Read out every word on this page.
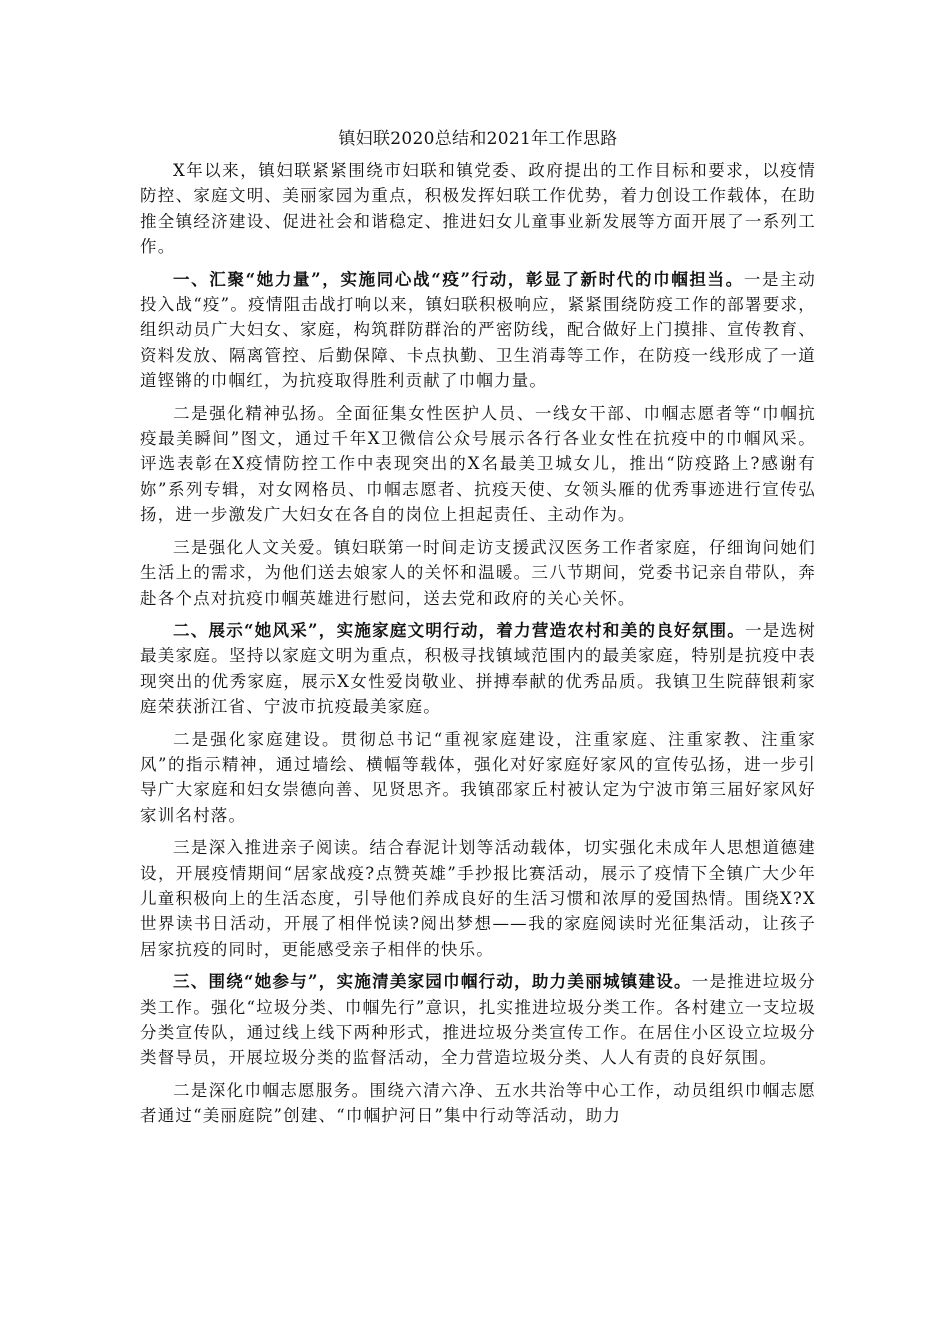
镇妇联2020总结和2021年工作思路

X年以来，镇妇联紧紧围绕市妇联和镇党委、政府提出的工作目标和要求，以疫情防控、家庭文明、美丽家园为重点，积极发挥妇联工作优势，着力创设工作载体，在助推全镇经济建设、促进社会和谐稳定、推进妇女儿童事业新发展等方面开展了一系列工作。

一、汇聚“她力量”，实施同心战“疫”行动，彰显了新时代的巾帼担当。一是主动投入战“疫”。疫情阻击战打响以来，镇妇联积极响应，紧紧围绕防疫工作的部署要求，组织动员广大妇女、家庭，构筑群防群治的严密防线，配合做好上门摸排、宣传教育、资料发放、隔离管控、后勤保障、卡点执勤、卫生消毒等工作，在防疫一线形成了一道道铿锵的巾帼红，为抗疫取得胜利贡献了巾帼力量。

二是强化精神弘扬。全面征集女性医护人员、一线女干部、巾帼志愿者等“巾帼抗疫最美瞬间”图文，通过千年X卫微信公众号展示各行各业女性在抗疫中的巾帼风采。评选表彰在X疫情防控工作中表现突出的X名最美卫城女儿，推出“防疫路上?感谢有妳”系列专辑，对女网格员、巾帼志愿者、抗疫天使、女领头雁的优秀事迹进行宣传弘扬，进一步激发广大妇女在各自的岗位上担起责任、主动作为。

三是强化人文关爱。镇妇联第一时间走访支援武汉医务工作者家庭，仔细询问她们生活上的需求，为他们送去娘家人的关怀和温暖。三八节期间，党委书记亲自带队，奔赴各个点对抗疫巾帼英雄进行慰问，送去党和政府的关心关怀。

二、展示“她风采”，实施家庭文明行动，着力营造农村和美的良好氛围。一是选树最美家庭。坚持以家庭文明为重点，积极寻找镇域范围内的最美家庭，特别是抗疫中表现突出的优秀家庭，展示X女性爱岗敬业、拼搏奉献的优秀品质。我镇卫生院薛银莉家庭荣获浙江省、宁波市抗疫最美家庭。

二是强化家庭建设。贯彻总书记“重视家庭建设，注重家庭、注重家教、注重家风”的指示精神，通过墙绘、横幅等载体，强化对好家庭好家风的宣传弘扬，进一步引导广大家庭和妇女崇德向善、见贤思齐。我镇邵家丘村被认定为宁波市第三届好家风好家训名村落。

三是深入推进亲子阅读。结合春泥计划等活动载体，切实强化未成年人思想道德建设，开展疫情期间“居家战疫?点赞英雄”手抄报比赛活动，展示了疫情下全镇广大少年儿童积极向上的生活态度，引导他们养成良好的生活习惯和浓厚的爱国热情。围绕X?X世界读书日活动，开展了相伴悦读?阅出梦想——我的家庭阅读时光征集活动，让孩子居家抗疫的同时，更能感受亲子相伴的快乐。

三、围绕“她参与”，实施清美家园巾帼行动，助力美丽城镇建设。一是推进垃圾分类工作。强化“垃圾分类、巾帼先行”意识，扎实推进垃圾分类工作。各村建立一支垃圾分类宣传队，通过线上线下两种形式，推进垃圾分类宣传工作。在居住小区设立垃圾分类督导员，开展垃圾分类的监督活动，全力营造垃圾分类、人人有责的良好氛围。

二是深化巾帼志愿服务。围绕六清六净、五水共治等中心工作，动员组织巾帼志愿者通过“美丽庭院”创建、“巾帼护河日”集中行动等活动，助力
